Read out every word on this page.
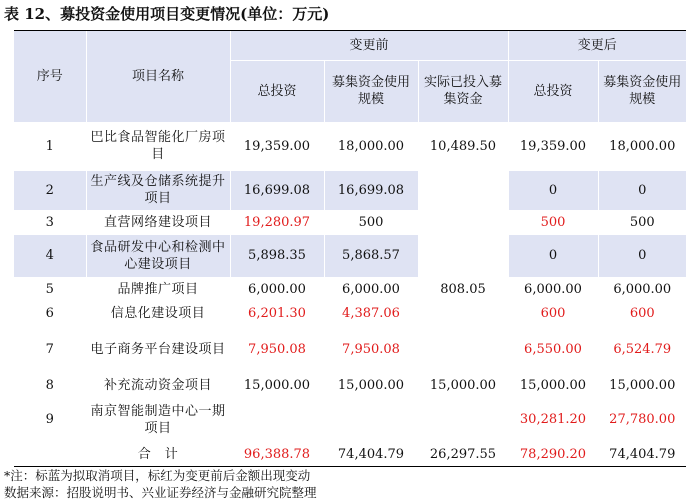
表 12、募投资金使用项目变更情况(单位：万元)
序号	项目名称	变更前			变更后	
		总投资	募集资金使用规模	实际已投入募集资金	总投资	募集资金使用规模
1	巴比食品智能化厂房项目	19,359.00	18,000.00	10,489.50	19,359.00	18,000.00
2	生产线及仓储系统提升项目	16,699.08	16,699.08		0	0
3	直营网络建设项目	19,280.97	500		500	500
4	食品研发中心和检测中心建设项目	5,898.35	5,868.57		0	0
5	品牌推广项目	6,000.00	6,000.00	808.05	6,000.00	6,000.00
6	信息化建设项目	6,201.30	4,387.06		600	600
7	电子商务平台建设项目	7,950.08	7,950.08		6,550.00	6,524.79
8	补充流动资金项目	15,000.00	15,000.00	15,000.00	15,000.00	15,000.00
9	南京智能制造中心一期项目				30,281.20	27,780.00
	合　计	96,388.78	74,404.79	26,297.55	78,290.20	74,404.79
*注：标蓝为拟取消项目，标红为变更前后金额出现变动
数据来源：招股说明书、兴业证券经济与金融研究院整理
